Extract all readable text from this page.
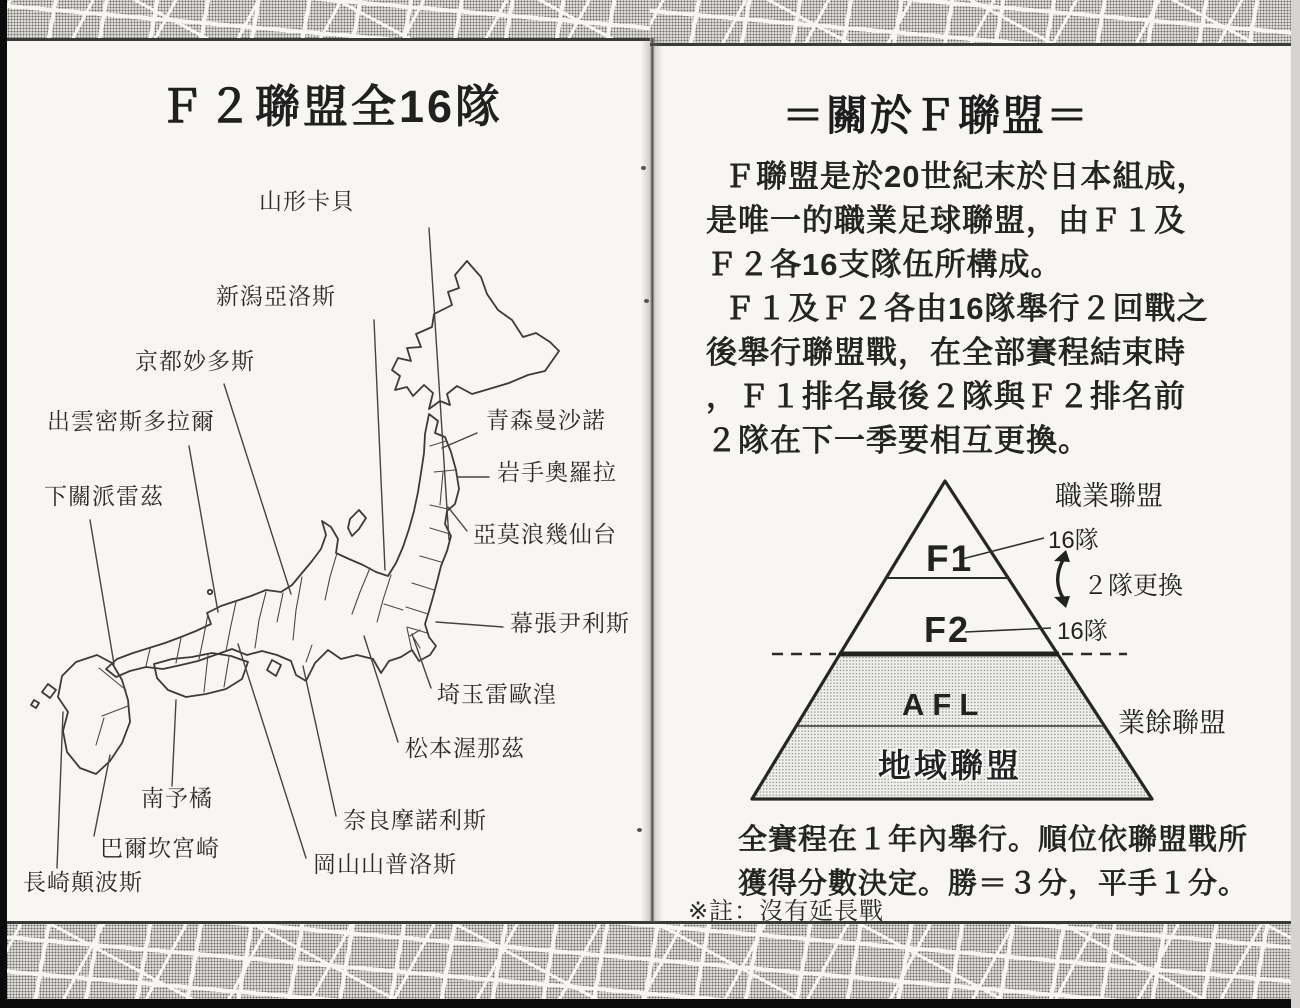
Ｆ２聯盟全16隊
山形卡貝
新潟亞洛斯
京都妙多斯
出雲密斯多拉爾
下關派雷茲
青森曼沙諾
岩手奧羅拉
亞莫浪幾仙台
幕張尹利斯
埼玉雷歐湟
松本渥那茲
奈良摩諾利斯
岡山山普洛斯
南予橘
巴爾坎宮崎
長崎顛波斯
＝關於Ｆ聯盟＝
Ｆ聯盟是於20世紀末於日本組成，
是唯一的職業足球聯盟，由Ｆ１及
Ｆ２各16支隊伍所構成。
Ｆ１及Ｆ２各由16隊舉行２回戰之
後舉行聯盟戰，在全部賽程結束時
，Ｆ１排名最後２隊與Ｆ２排名前
２隊在下一季要相互更換。
職業聯盟
16隊
２隊更換
16隊
業餘聯盟
F1
F2
AFL
地域聯盟
全賽程在１年內舉行。順位依聯盟戰所
獲得分數決定。勝＝３分，平手１分。
※註：沒有延長戰
